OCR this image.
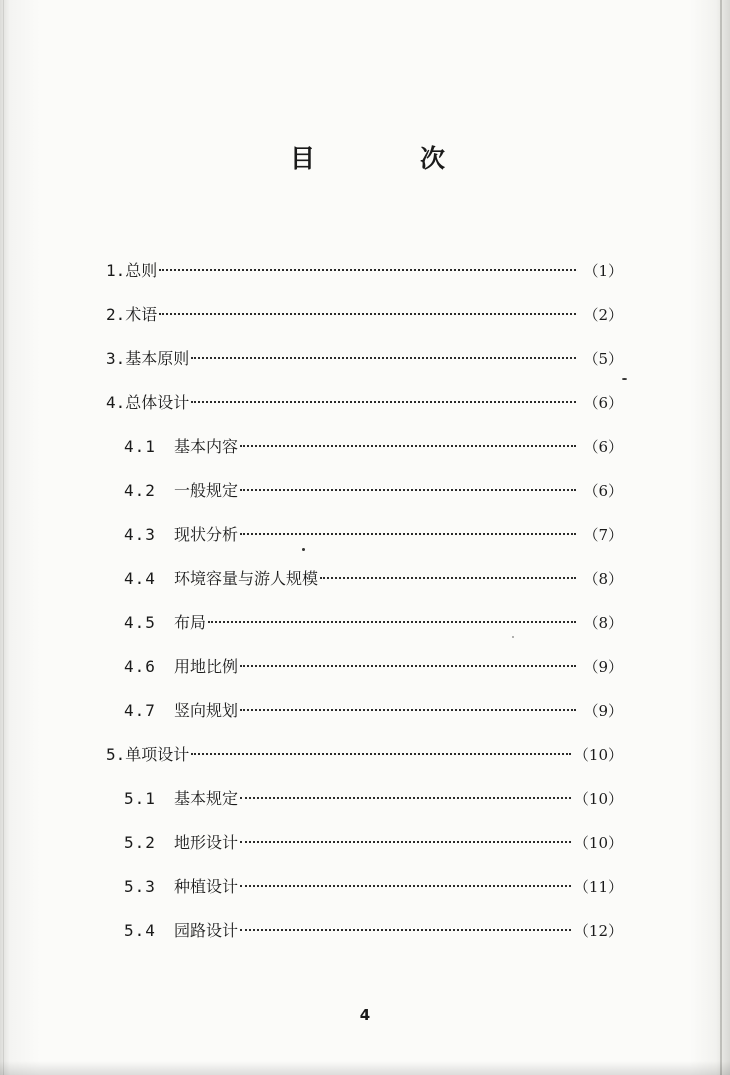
目	次
1. 总则	（1）
2. 术语	（2）
3. 基本原则	（5）
4. 总体设计	（6）
4.1	基本内容	（6）
4.2	一般规定	（6）
4.3	现状分析	（7）
4.4	环境容量与游人规模	（8）
4.5	布局	（8）
4.6	用地比例	（9）
4.7	竖向规划	（9）
5. 单项设计	（10）
5.1	基本规定	（10）
5.2	地形设计	（10）
5.3	种植设计	（11）
5.4	园路设计	（12）
4
